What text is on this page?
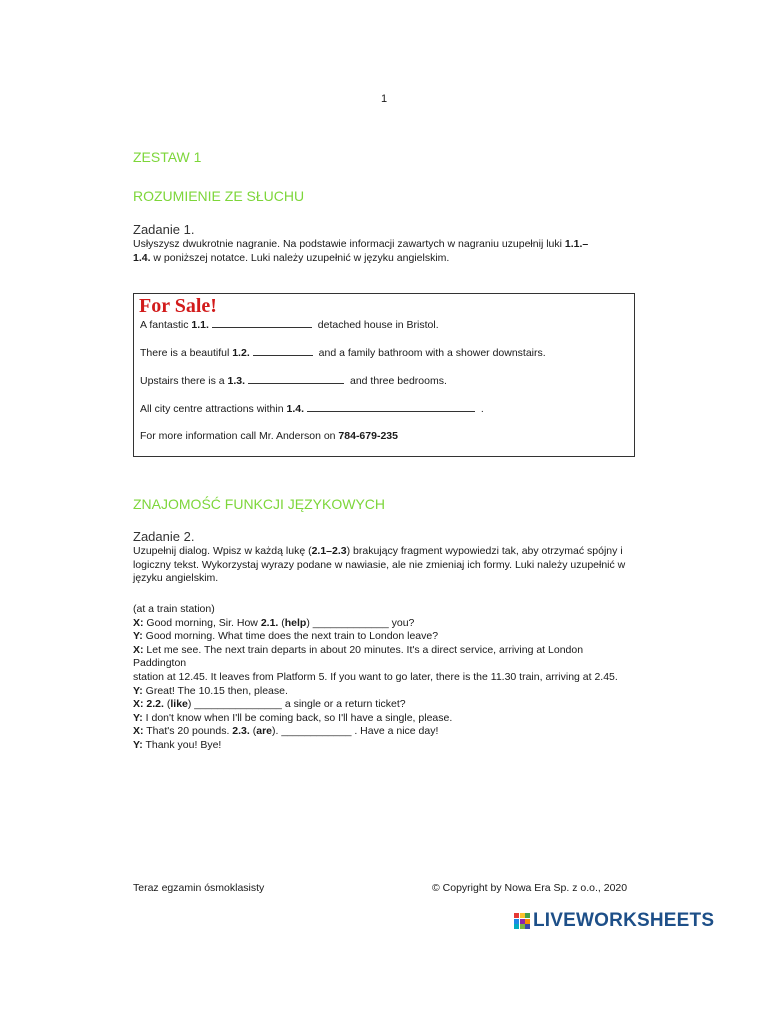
1
ZESTAW 1
ROZUMIENIE ZE SŁUCHU
Zadanie 1.
Usłyszysz dwukrotnie nagranie. Na podstawie informacji zawartych w nagraniu uzupełnij luki 1.1.–
1.4. w poniższej notatce. Luki należy uzupełnić w języku angielskim.
For Sale!
A fantastic 1.1.	detached house in Bristol.
There is a beautiful 1.2.	and a family bathroom with a shower downstairs.
Upstairs there is a 1.3.	and three bedrooms.
All city centre attractions within 1.4.	.
For more information call Mr. Anderson on 784-679-235
ZNAJOMOŚĆ FUNKCJI JĘZYKOWYCH
Zadanie 2.
Uzupełnij dialog. Wpisz w każdą lukę (2.1–2.3) brakujący fragment wypowiedzi tak, aby otrzymać spójny i logiczny tekst. Wykorzystaj wyrazy podane w nawiasie, ale nie zmieniaj ich formy. Luki należy uzupełnić w języku angielskim.

(at a train station)

X: Good morning, Sir. How 2.1. (help) _____________ you?

Y: Good morning. What time does the next train to London leave?

X: Let me see. The next train departs in about 20 minutes. It's a direct service, arriving at London Paddington

station at 12.45. It leaves from Platform 5. If you want to go later, there is the 11.30 train, arriving at 2.45.

Y: Great! The 10.15 then, please.

X: 2.2. (like) _______________ a single or a return ticket?

Y: I don't know when I'll be coming back, so I'll have a single, please.

X: That's 20 pounds. 2.3. (are). ____________ . Have a nice day!

Y: Thank you! Bye!

Teraz egzamin ósmoklasisty	© Copyright by Nowa Era Sp. z o.o., 2020
LIVEWORKSHEETS
